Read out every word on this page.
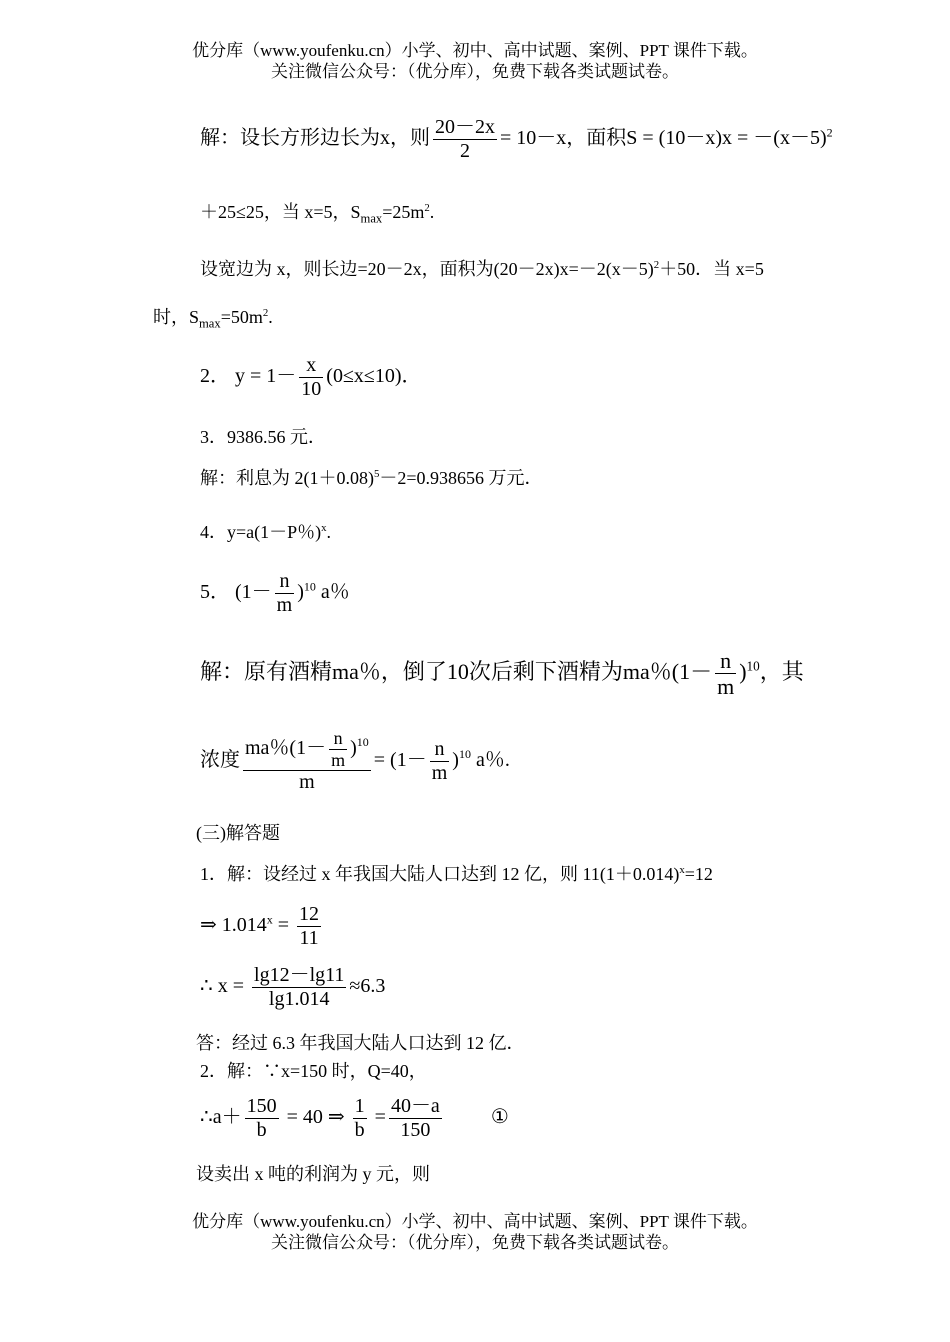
优分库（www.youfenku.cn）小学、初中、高中试题、案例、PPT 课件下载。
关注微信公众号：（优分库），免费下载各类试题试卷。
解：设长方形边长为x，则 $\frac{20-2x}{2} = 10-x$，面积$S = (10-x)x = -(x-5)^2$
＋25≤25，当 x=5，$S_{max}=25m^2$.
设宽边为 x，则长边=20－2x，面积为$(20-2x)x=-2(x-5)^2+50$．当 x=5
时，$S_{max}=50m^2$.
2． $y = 1- \frac{x}{10} (0\le x\le 10)$．
3．9386.56 元．
解：利息为 $2(1+0.08)^5-2=0.938656$ 万元．
4．y=a(1－P％)$^x$.
5． $(1- \frac{n}{m} )^{10}$ a％
解：原有酒精ma％，倒了10次后剩下酒精为ma％$(1- \frac{n}{m} )^{10}$，其
浓度 $\frac{ma\%(1- \frac{n}{m} )^{10}}{m} = (1- \frac{n}{m} )^{10}$ a％.
(三)解答题
1．解：设经过 x 年我国大陆人口达到 12 亿，则 $11(1+0.014)^x=12$
⇒ $1.014^x = \frac{12}{11}$
∴ $x = \frac{\lg 12-\lg 11}{\lg 1.014} \approx 6.3$
答：经过 6.3 年我国大陆人口达到 12 亿．
2．解：∵x=150 时，Q=40，
∴a＋ $\frac{150}{b} = 40$ ⇒ $\frac{1}{b} = \frac{40-a}{150}$ ①
设卖出 x 吨的利润为 y 元，则
优分库（www.youfenku.cn）小学、初中、高中试题、案例、PPT 课件下载。
关注微信公众号：（优分库），免费下载各类试题试卷。
